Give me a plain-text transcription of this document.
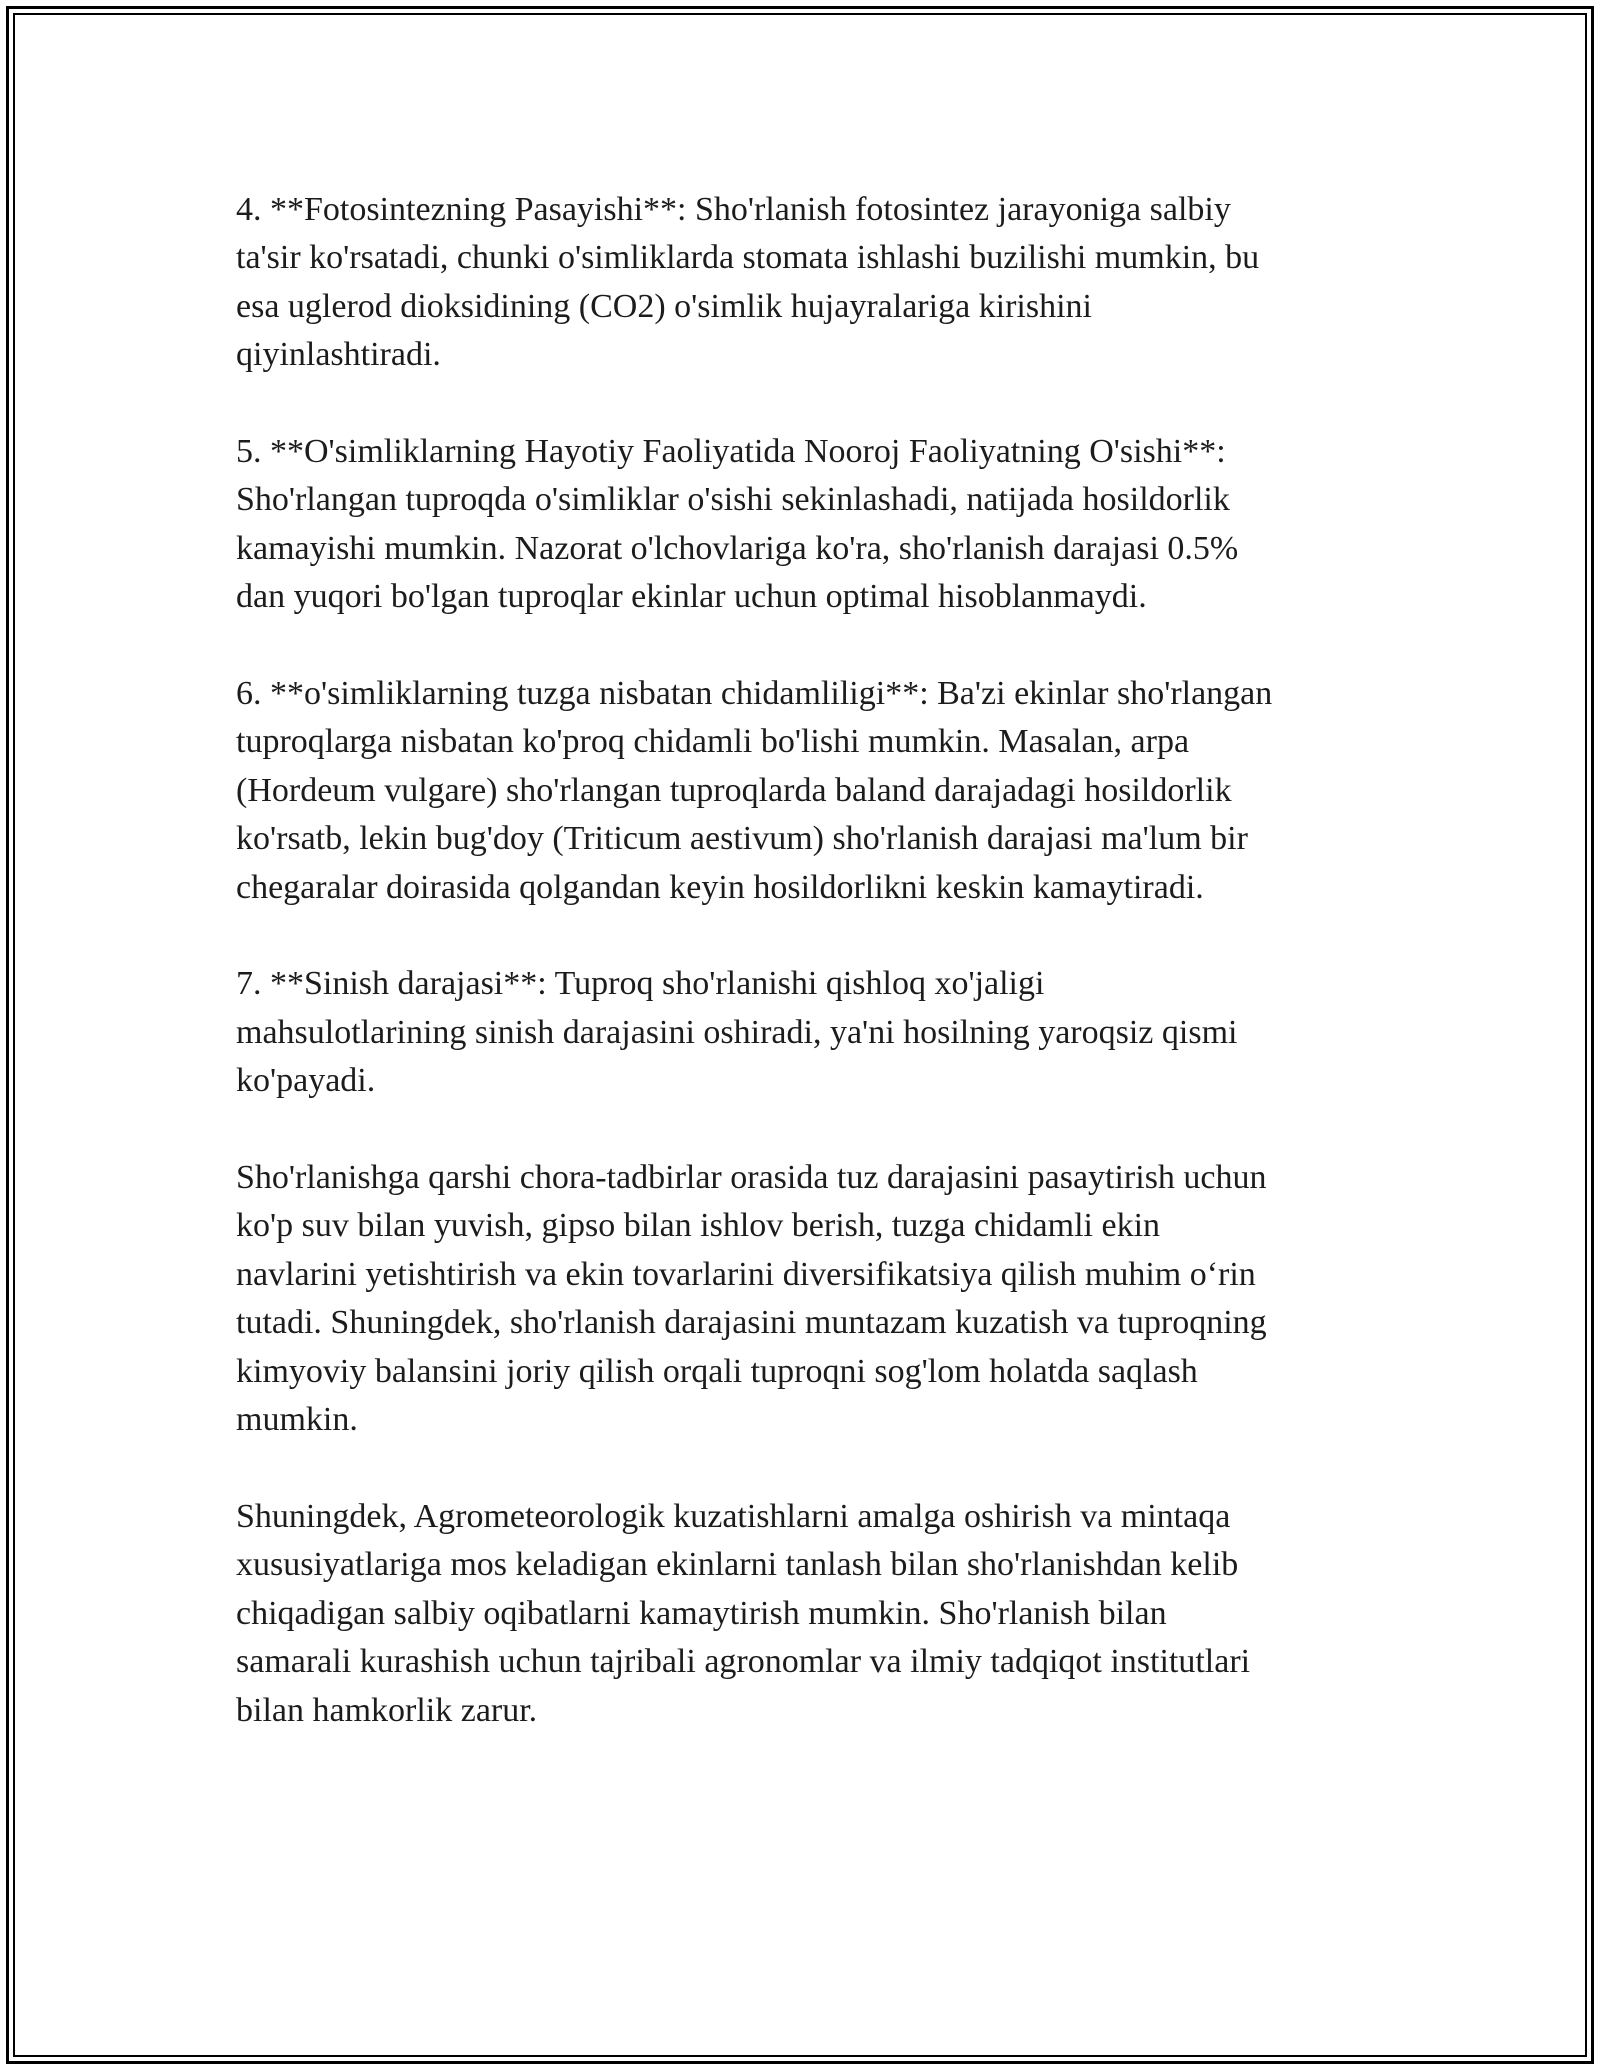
4. **Fotosintezning Pasayishi**: Sho'rlanish fotosintez jarayoniga salbiy
ta'sir ko'rsatadi, chunki o'simliklarda stomata ishlashi buzilishi mumkin, bu
esa uglerod dioksidining (CO2) o'simlik hujayralariga kirishini
qiyinlashtiradi.

5. **O'simliklarning Hayotiy Faoliyatida Nooroj Faoliyatning O'sishi**:
Sho'rlangan tuproqda o'simliklar o'sishi sekinlashadi, natijada hosildorlik
kamayishi mumkin. Nazorat o'lchovlariga ko'ra, sho'rlanish darajasi 0.5%
dan yuqori bo'lgan tuproqlar ekinlar uchun optimal hisoblanmaydi.

6. **o'simliklarning tuzga nisbatan chidamliligi**: Ba'zi ekinlar sho'rlangan
tuproqlarga nisbatan ko'proq chidamli bo'lishi mumkin. Masalan, arpa
(Hordeum vulgare) sho'rlangan tuproqlarda baland darajadagi hosildorlik
ko'rsatb, lekin bug'doy (Triticum aestivum) sho'rlanish darajasi ma'lum bir
chegaralar doirasida qolgandan keyin hosildorlikni keskin kamaytiradi.

7. **Sinish darajasi**: Tuproq sho'rlanishi qishloq xo'jaligi
mahsulotlarining sinish darajasini oshiradi, ya'ni hosilning yaroqsiz qismi
ko'payadi.

Sho'rlanishga qarshi chora-tadbirlar orasida tuz darajasini pasaytirish uchun
ko'p suv bilan yuvish, gipso bilan ishlov berish, tuzga chidamli ekin
navlarini yetishtirish va ekin tovarlarini diversifikatsiya qilish muhim o‘rin
tutadi. Shuningdek, sho'rlanish darajasini muntazam kuzatish va tuproqning
kimyoviy balansini joriy qilish orqali tuproqni sog'lom holatda saqlash
mumkin.

Shuningdek, Agrometeorologik kuzatishlarni amalga oshirish va mintaqa
xususiyatlariga mos keladigan ekinlarni tanlash bilan sho'rlanishdan kelib
chiqadigan salbiy oqibatlarni kamaytirish mumkin. Sho'rlanish bilan
samarali kurashish uchun tajribali agronomlar va ilmiy tadqiqot institutlari
bilan hamkorlik zarur.
